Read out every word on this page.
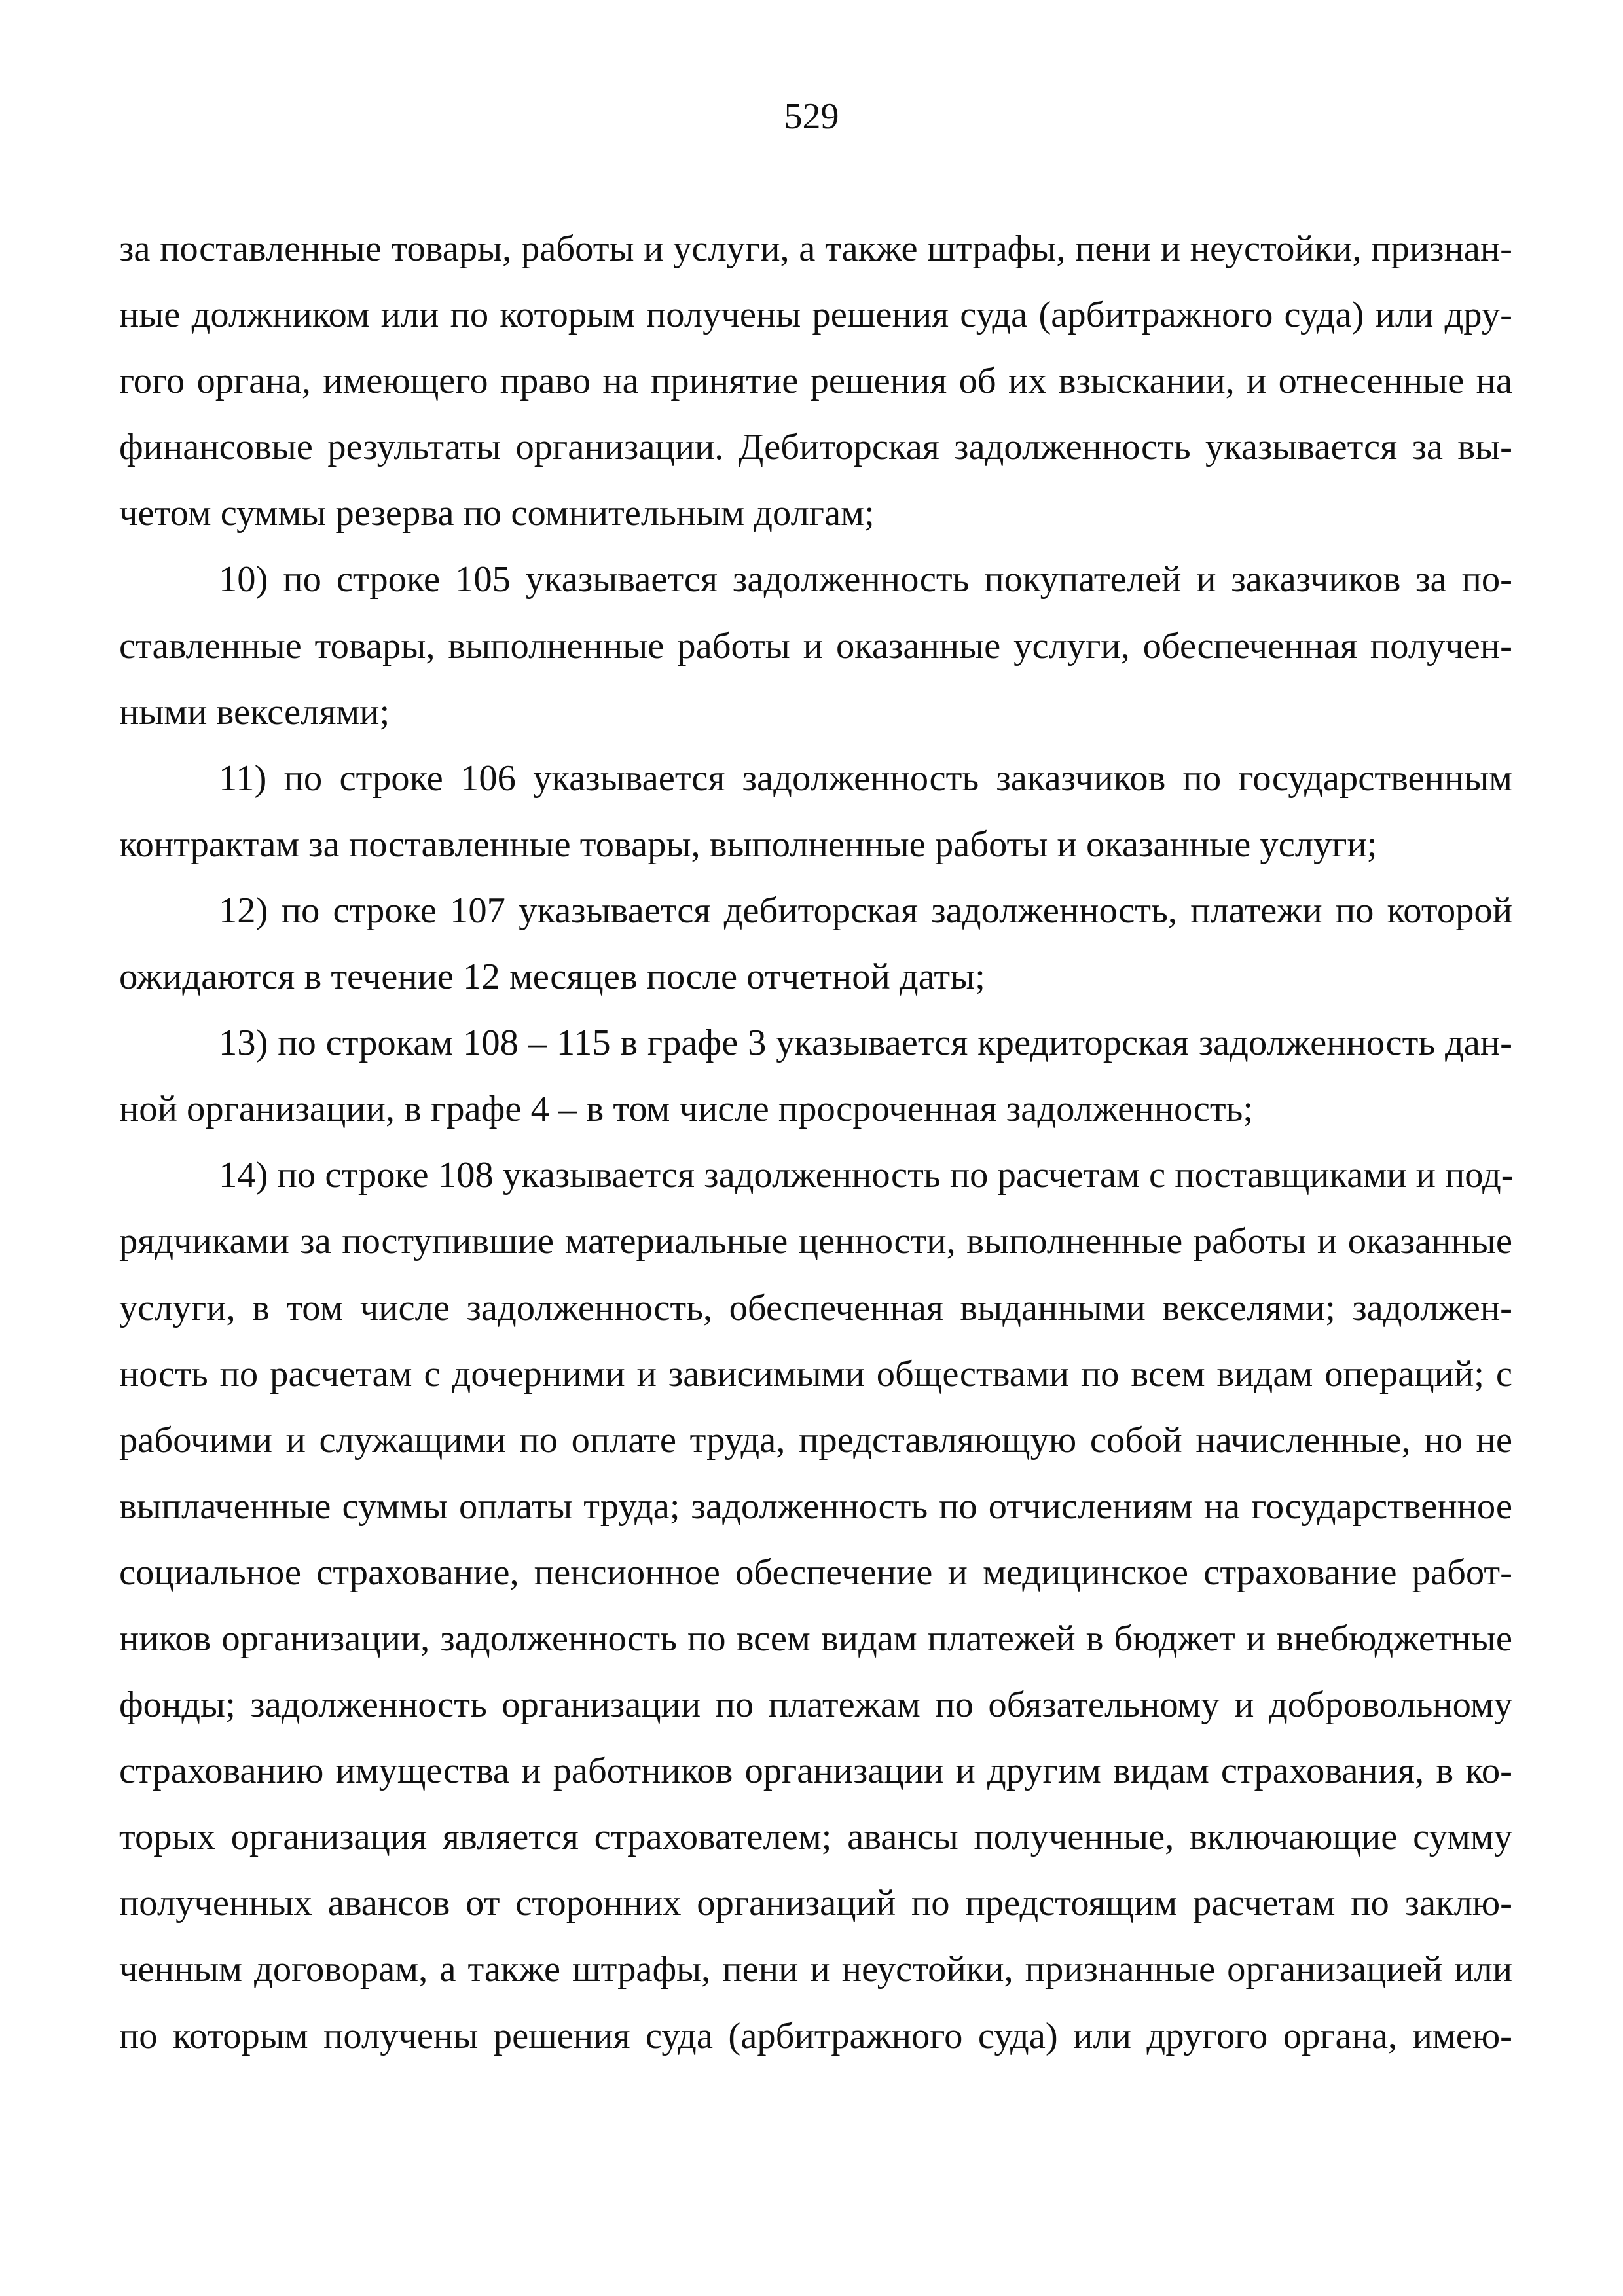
529
за поставленные товары, работы и услуги, а также штрафы, пени и неустойки, признан-
ные должником или по которым получены решения суда (арбитражного суда) или дру-
гого органа, имеющего право на принятие решения об их взыскании, и отнесенные на
финансовые результаты организации. Дебиторская задолженность указывается за вы-
четом суммы резерва по сомнительным долгам;
10) по строке 105 указывается задолженность покупателей и заказчиков за по-
ставленные товары, выполненные работы и оказанные услуги, обеспеченная получен-
ными векселями;
11) по строке 106 указывается задолженность заказчиков по государственным
контрактам за поставленные товары, выполненные работы и оказанные услуги;
12) по строке 107 указывается дебиторская задолженность, платежи по которой
ожидаются в течение 12 месяцев после отчетной даты;
13) по строкам 108 – 115 в графе 3 указывается кредиторская задолженность дан-
ной организации, в графе 4 – в том числе просроченная задолженность;
14) по строке 108 указывается задолженность по расчетам с поставщиками и под-
рядчиками за поступившие материальные ценности, выполненные работы и оказанные
услуги, в том числе задолженность, обеспеченная выданными векселями; задолжен-
ность по расчетам с дочерними и зависимыми обществами по всем видам операций; с
рабочими и служащими по оплате труда, представляющую собой начисленные, но не
выплаченные суммы оплаты труда; задолженность по отчислениям на государственное
социальное страхование, пенсионное обеспечение и медицинское страхование работ-
ников организации, задолженность по всем видам платежей в бюджет и внебюджетные
фонды; задолженность организации по платежам по обязательному и добровольному
страхованию имущества и работников организации и другим видам страхования, в ко-
торых организация является страхователем; авансы полученные, включающие сумму
полученных авансов от сторонних организаций по предстоящим расчетам по заклю-
ченным договорам, а также штрафы, пени и неустойки, признанные организацией или
по которым получены решения суда (арбитражного суда) или другого органа, имею-
